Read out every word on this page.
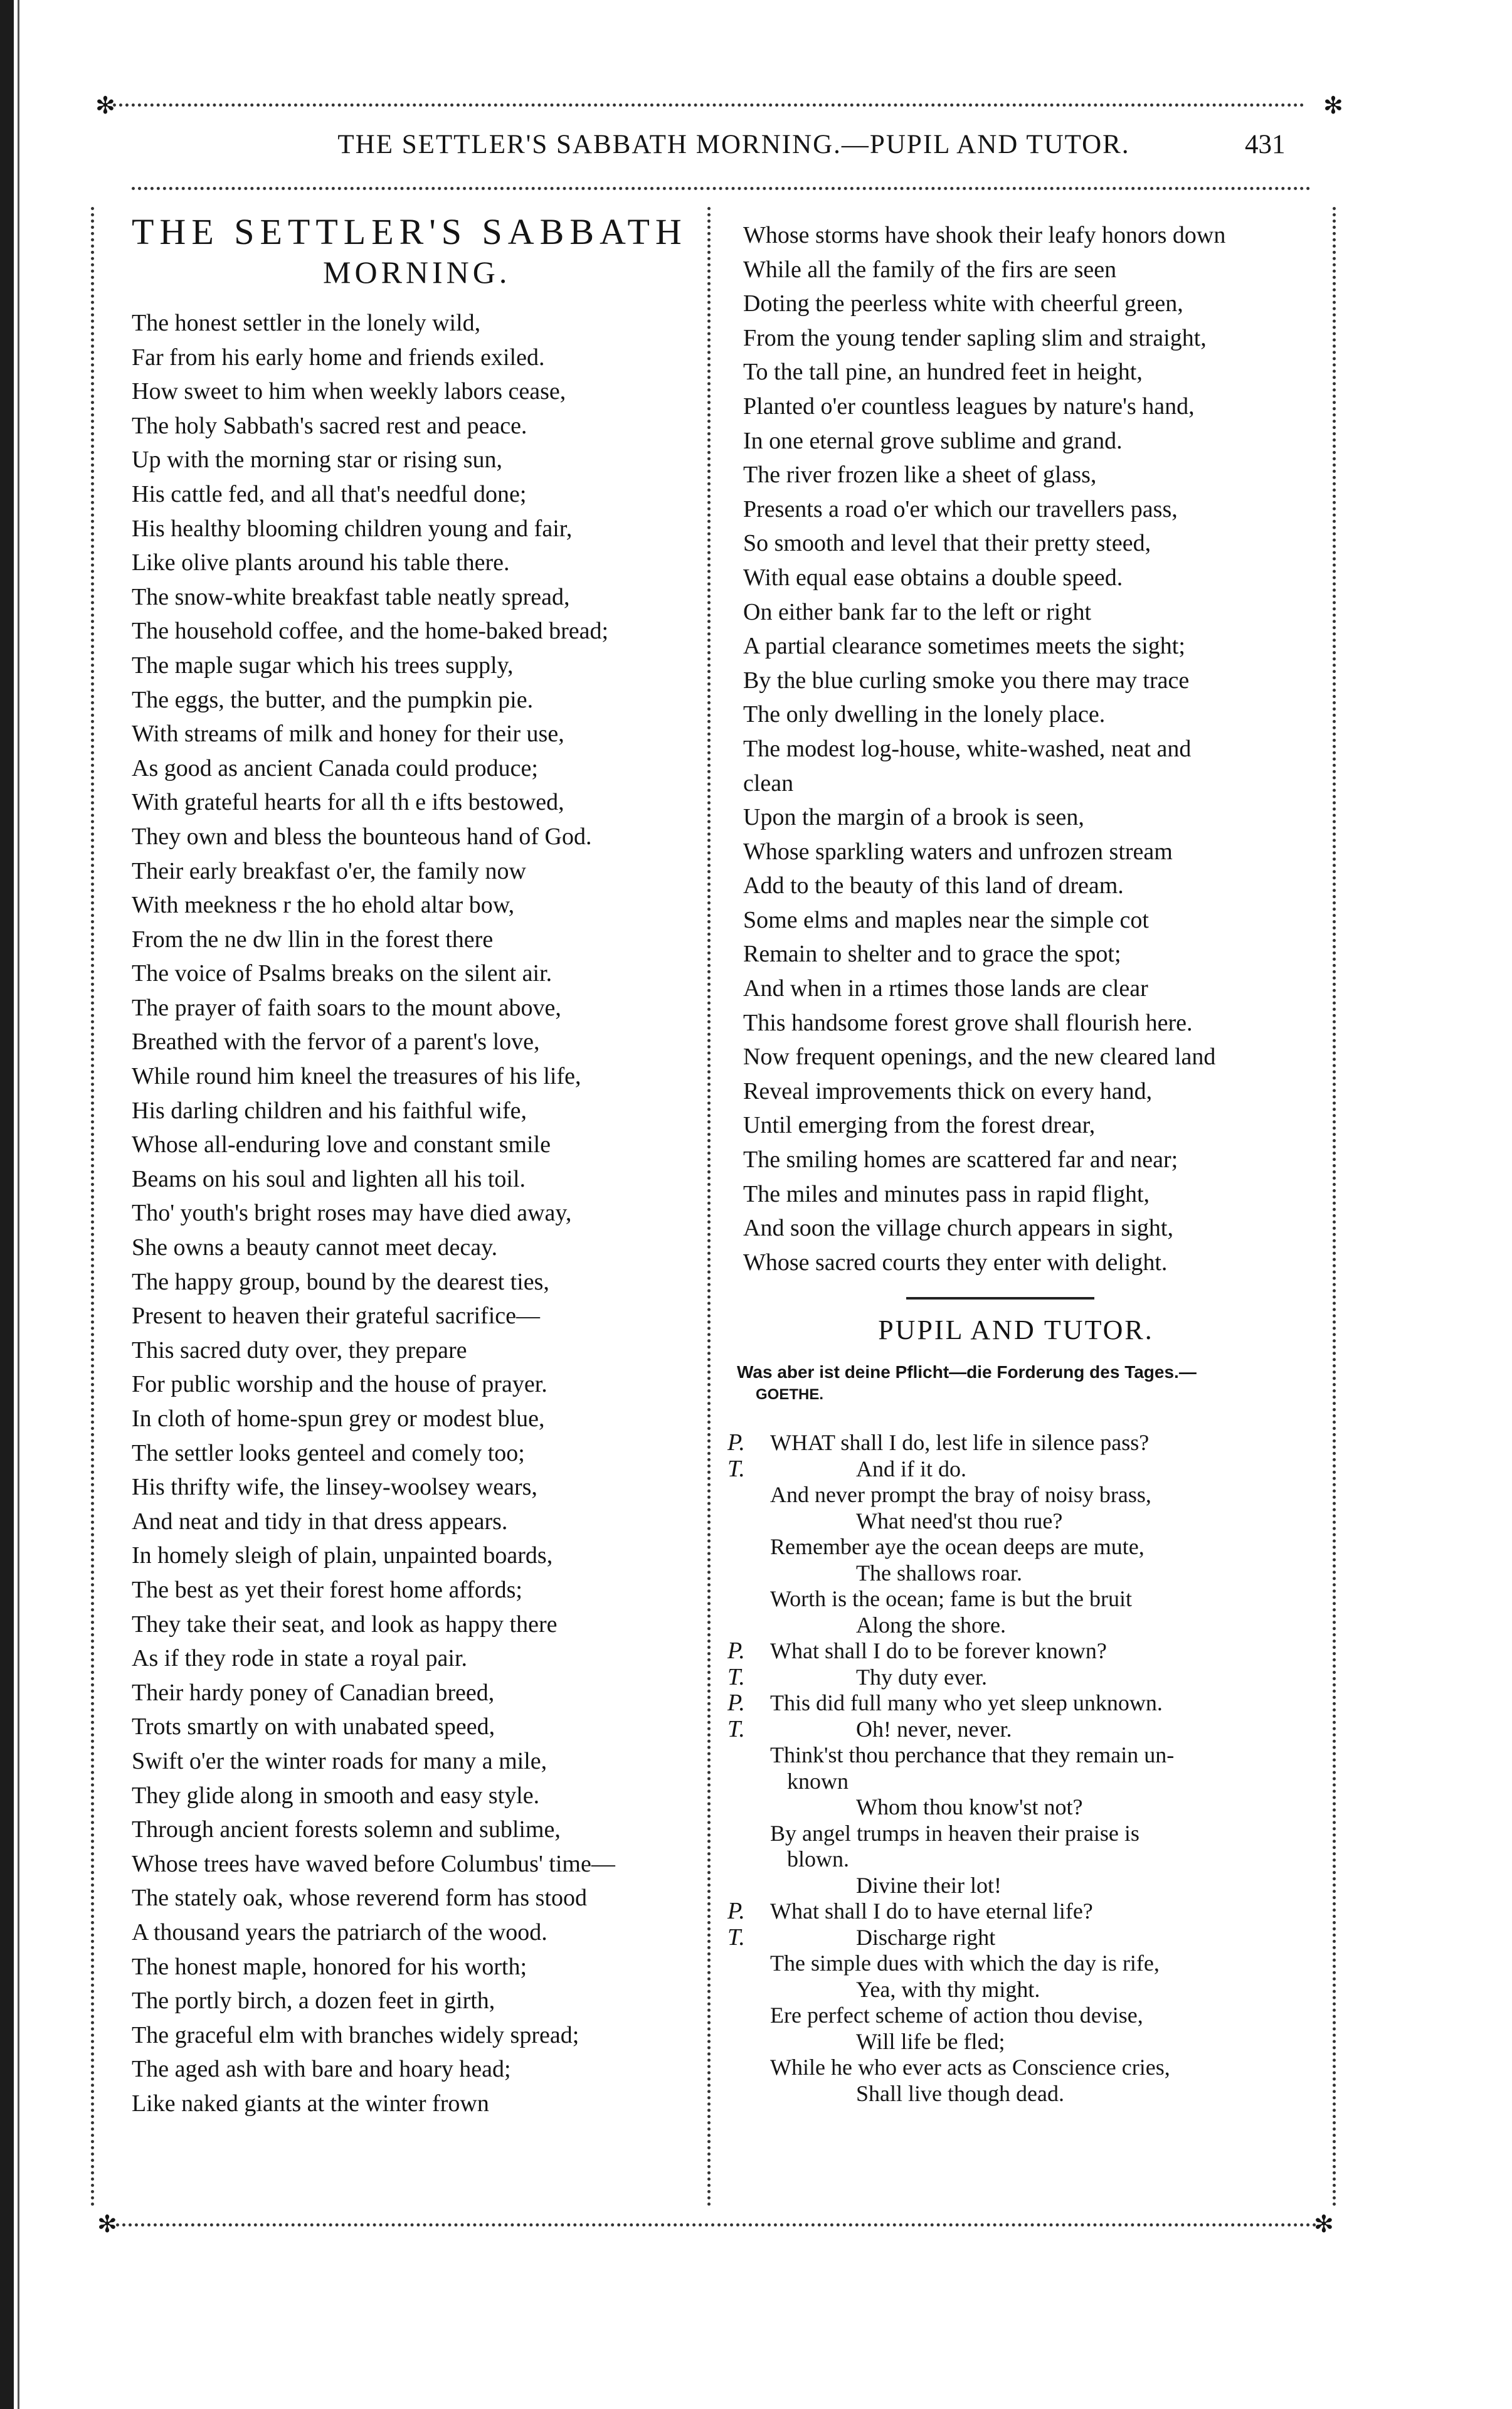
✻	✻
✻	✻
THE SETTLER'S SABBATH MORNING.—PUPIL AND TUTOR.	431
THE SETTLER'S SABBATH
MORNING.
The honest settler in the lonely wild,
Far from his early home and friends exiled.
How sweet to him when weekly labors cease,
The holy Sabbath's sacred rest and peace.
Up with the morning star or rising sun,
His cattle fed, and all that's needful done;
His healthy blooming children young and fair,
Like olive plants around his table there.
The snow-white breakfast table neatly spread,
The household coffee, and the home-baked bread;
The maple sugar which his trees supply,
The eggs, the butter, and the pumpkin pie.
With streams of milk and honey for their use,
As good as ancient Canada could produce;
With grateful hearts for all th e ifts bestowed,
They own and bless the bounteous hand of God.
Their early breakfast o'er, the family now
With meekness r the ho ehold altar bow,
From the ne dw llin in the forest there
The voice of Psalms breaks on the silent air.
The prayer of faith soars to the mount above,
Breathed with the fervor of a parent's love,
While round him kneel the treasures of his life,
His darling children and his faithful wife,
Whose all-enduring love and constant smile
Beams on his soul and lighten all his toil.
Tho' youth's bright roses may have died away,
She owns a beauty cannot meet decay.
The happy group, bound by the dearest ties,
Present to heaven their grateful sacrifice—
This sacred duty over, they prepare
For public worship and the house of prayer.
In cloth of home-spun grey or modest blue,
The settler looks genteel and comely too;
His thrifty wife, the linsey-woolsey wears,
And neat and tidy in that dress appears.
In homely sleigh of plain, unpainted boards,
The best as yet their forest home affords;
They take their seat, and look as happy there
As if they rode in state a royal pair.
Their hardy poney of Canadian breed,
Trots smartly on with unabated speed,
Swift o'er the winter roads for many a mile,
They glide along in smooth and easy style.
Through ancient forests solemn and sublime,
Whose trees have waved before Columbus' time—
The stately oak, whose reverend form has stood
A thousand years the patriarch of the wood.
The honest maple, honored for his worth;
The portly birch, a dozen feet in girth,
The graceful elm with branches widely spread;
The aged ash with bare and hoary head;
Like naked giants at the winter frown
Whose storms have shook their leafy honors down
While all the family of the firs are seen
Doting the peerless white with cheerful green,
From the young tender sapling slim and straight,
To the tall pine, an hundred feet in height,
Planted o'er countless leagues by nature's hand,
In one eternal grove sublime and grand.
The river frozen like a sheet of glass,
Presents a road o'er which our travellers pass,
So smooth and level that their pretty steed,
With equal ease obtains a double speed.
On either bank far to the left or right
A partial clearance sometimes meets the sight;
By the blue curling smoke you there may trace
The only dwelling in the lonely place.
The modest log-house, white-washed, neat and
clean
Upon the margin of a brook is seen,
Whose sparkling waters and unfrozen stream
Add to the beauty of this land of dream.
Some elms and maples near the simple cot
Remain to shelter and to grace the spot;
And when in a rtimes those lands are clear
This handsome forest grove shall flourish here.
Now frequent openings, and the new cleared land
Reveal improvements thick on every hand,
Until emerging from the forest drear,
The smiling homes are scattered far and near;
The miles and minutes pass in rapid flight,
And soon the village church appears in sight,
Whose sacred courts they enter with delight.
PUPIL AND TUTOR.
Was aber ist deine Pflicht—die Forderung des Tages.—
GOETHE.
P. WHAT shall I do, lest life in silence pass?
T.	And if it do.
And never prompt the bray of noisy brass,
What need'st thou rue?
Remember aye the ocean deeps are mute,
The shallows roar.
Worth is the ocean; fame is but the bruit
Along the shore.
P. What shall I do to be forever known?
T.	Thy duty ever.
P. This did full many who yet sleep unknown.
T.	Oh! never, never.
Think'st thou perchance that they remain un-
known
Whom thou know'st not?
By angel trumps in heaven their praise is
blown.
Divine their lot!
P. What shall I do to have eternal life?
T.	Discharge right
The simple dues with which the day is rife,
Yea, with thy might.
Ere perfect scheme of action thou devise,
Will life be fled;
While he who ever acts as Conscience cries,
Shall live though dead.
